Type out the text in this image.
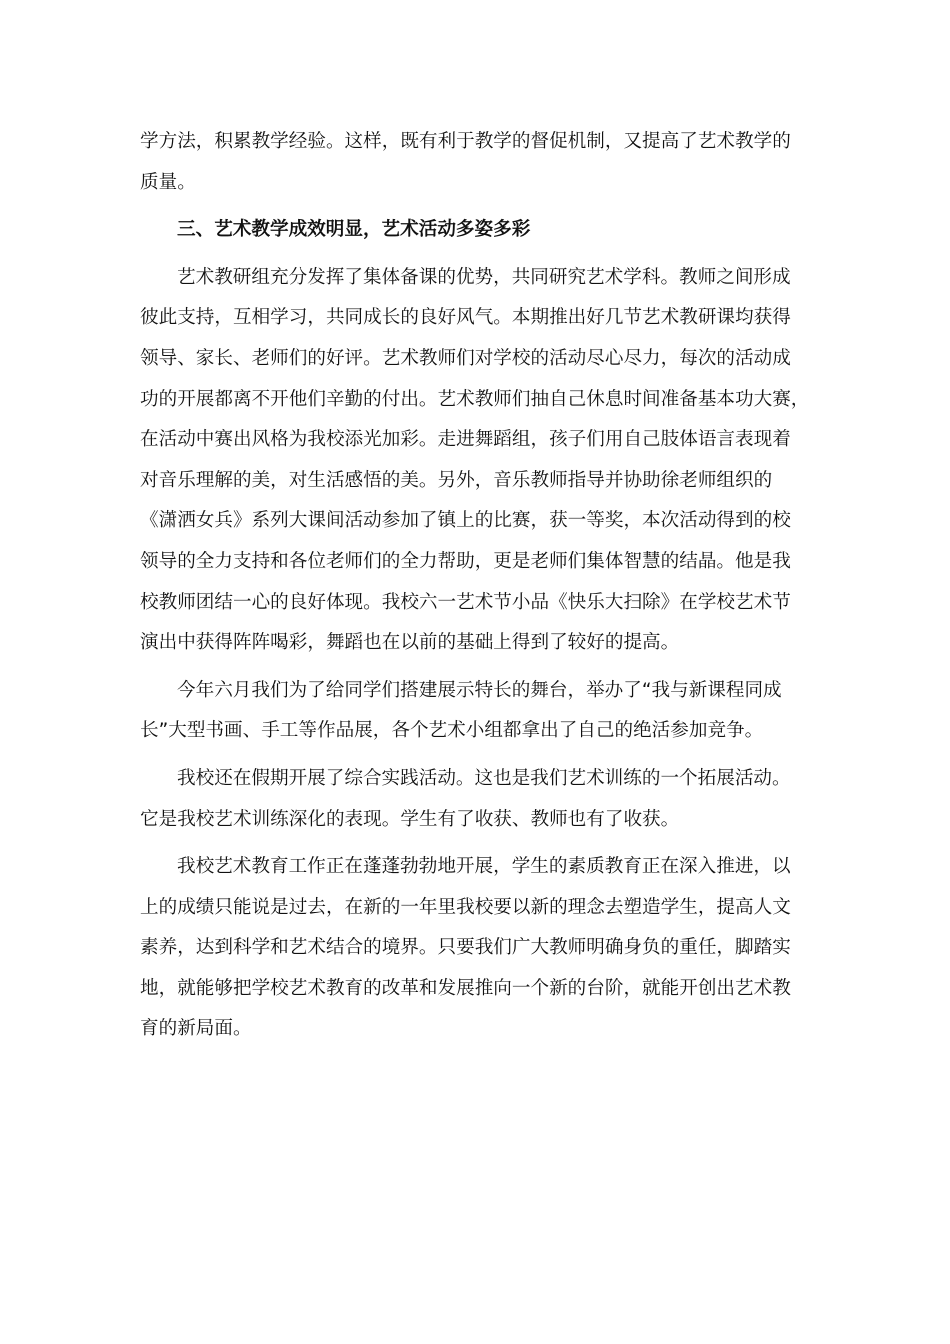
学方法，积累教学经验。这样，既有利于教学的督促机制，又提高了艺术教学的
质量。
三、艺术教学成效明显，艺术活动多姿多彩
艺术教研组充分发挥了集体备课的优势，共同研究艺术学科。教师之间形成
彼此支持，互相学习，共同成长的良好风气。本期推出好几节艺术教研课均获得
领导、家长、老师们的好评。艺术教师们对学校的活动尽心尽力，每次的活动成
功的开展都离不开他们辛勤的付出。艺术教师们抽自己休息时间准备基本功大赛，
在活动中赛出风格为我校添光加彩。走进舞蹈组，孩子们用自己肢体语言表现着
对音乐理解的美，对生活感悟的美。另外，音乐教师指导并协助徐老师组织的
《潇洒女兵》系列大课间活动参加了镇上的比赛，获一等奖，本次活动得到的校
领导的全力支持和各位老师们的全力帮助，更是老师们集体智慧的结晶。他是我
校教师团结一心的良好体现。我校六一艺术节小品《快乐大扫除》在学校艺术节
演出中获得阵阵喝彩，舞蹈也在以前的基础上得到了较好的提高。
今年六月我们为了给同学们搭建展示特长的舞台，举办了“我与新课程同成
长”大型书画、手工等作品展，各个艺术小组都拿出了自己的绝活参加竞争。
我校还在假期开展了综合实践活动。这也是我们艺术训练的一个拓展活动。
它是我校艺术训练深化的表现。学生有了收获、教师也有了收获。
我校艺术教育工作正在蓬蓬勃勃地开展，学生的素质教育正在深入推进，以
上的成绩只能说是过去，在新的一年里我校要以新的理念去塑造学生，提高人文
素养，达到科学和艺术结合的境界。只要我们广大教师明确身负的重任，脚踏实
地，就能够把学校艺术教育的改革和发展推向一个新的台阶，就能开创出艺术教
育的新局面。
